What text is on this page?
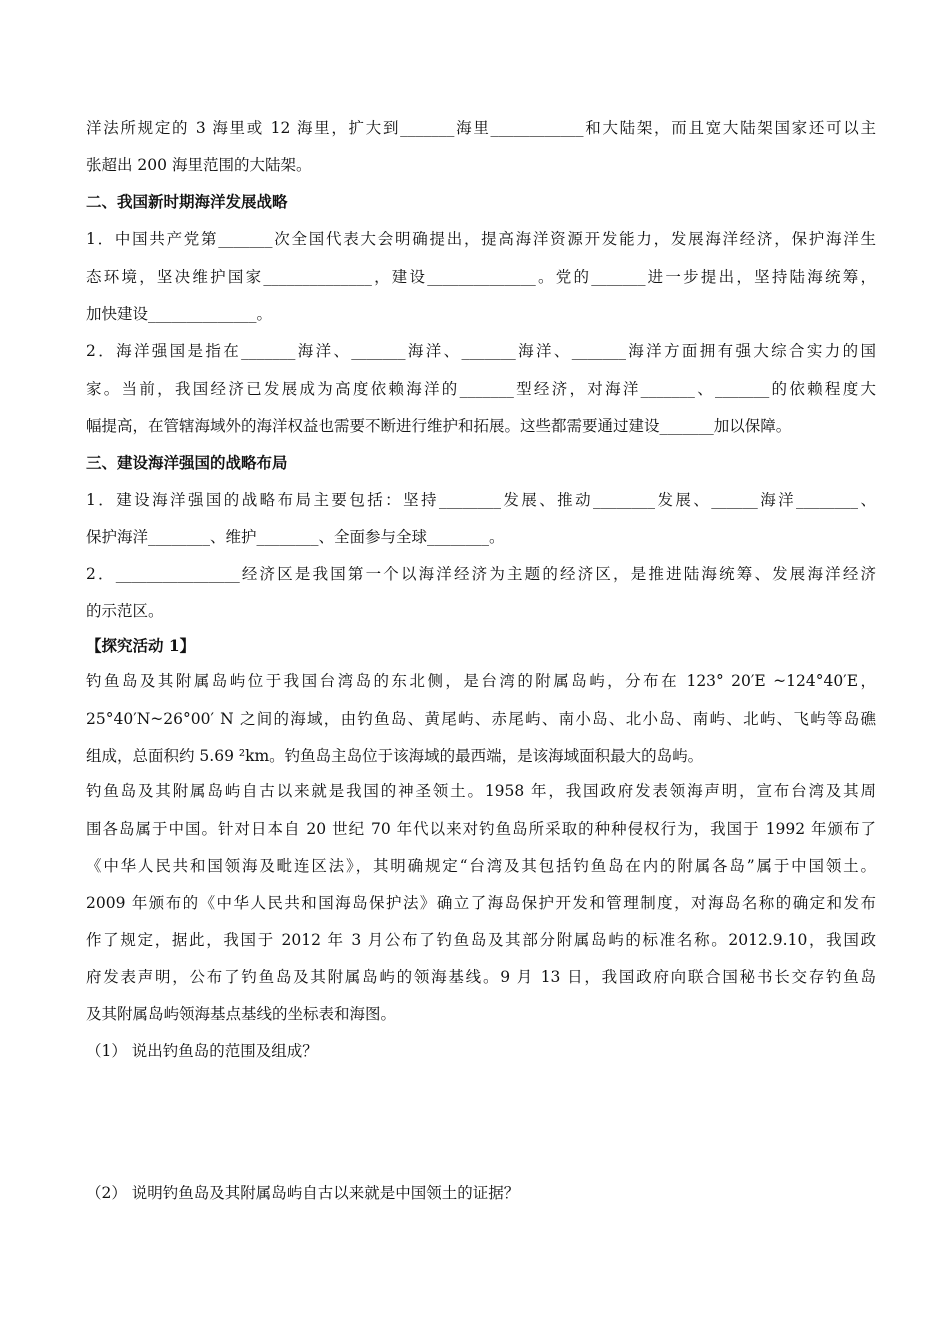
洋法所规定的 3 海里或 12 海里，扩大到_______海里____________和大陆架，而且宽大陆架国家还可以主
张超出 200 海里范围的大陆架。
二、我国新时期海洋发展战略
1．中国共产党第_______次全国代表大会明确提出，提高海洋资源开发能力，发展海洋经济，保护海洋生
态环境，坚决维护国家______________，建设______________。党的_______进一步提出，坚持陆海统筹，
加快建设______________。
2．海洋强国是指在_______海洋、_______海洋、_______海洋、_______海洋方面拥有强大综合实力的国
家。当前，我国经济已发展成为高度依赖海洋的_______型经济，对海洋_______、_______的依赖程度大
幅提高，在管辖海域外的海洋权益也需要不断进行维护和拓展。这些都需要通过建设_______加以保障。
三、建设海洋强国的战略布局
1．建设海洋强国的战略布局主要包括：坚持________发展、推动________发展、______海洋________、
保护海洋________、维护________、全面参与全球________。
2．________________经济区是我国第一个以海洋经济为主题的经济区，是推进陆海统筹、发展海洋经济
的示范区。
【探究活动 1】
钓鱼岛及其附属岛屿位于我国台湾岛的东北侧，是台湾的附属岛屿，分布在 123° 20′E ~124°40′E，
25°40′N~26°00′ N 之间的海域，由钓鱼岛、黄尾屿、赤尾屿、南小岛、北小岛、南屿、北屿、飞屿等岛礁
组成，总面积约 5.69 ²km。钓鱼岛主岛位于该海域的最西端，是该海域面积最大的岛屿。
钓鱼岛及其附属岛屿自古以来就是我国的神圣领土。1958 年，我国政府发表领海声明，宣布台湾及其周
围各岛属于中国。针对日本自 20 世纪 70 年代以来对钓鱼岛所采取的种种侵权行为，我国于 1992 年颁布了
《中华人民共和国领海及毗连区法》，其明确规定“台湾及其包括钓鱼岛在内的附属各岛”属于中国领土。
2009 年颁布的《中华人民共和国海岛保护法》确立了海岛保护开发和管理制度，对海岛名称的确定和发布
作了规定，据此，我国于 2012 年 3 月公布了钓鱼岛及其部分附属岛屿的标准名称。2012.9.10，我国政
府发表声明，公布了钓鱼岛及其附属岛屿的领海基线。9 月 13 日，我国政府向联合国秘书长交存钓鱼岛
及其附属岛屿领海基点基线的坐标表和海图。
（1） 说出钓鱼岛的范围及组成？
（2） 说明钓鱼岛及其附属岛屿自古以来就是中国领土的证据？
